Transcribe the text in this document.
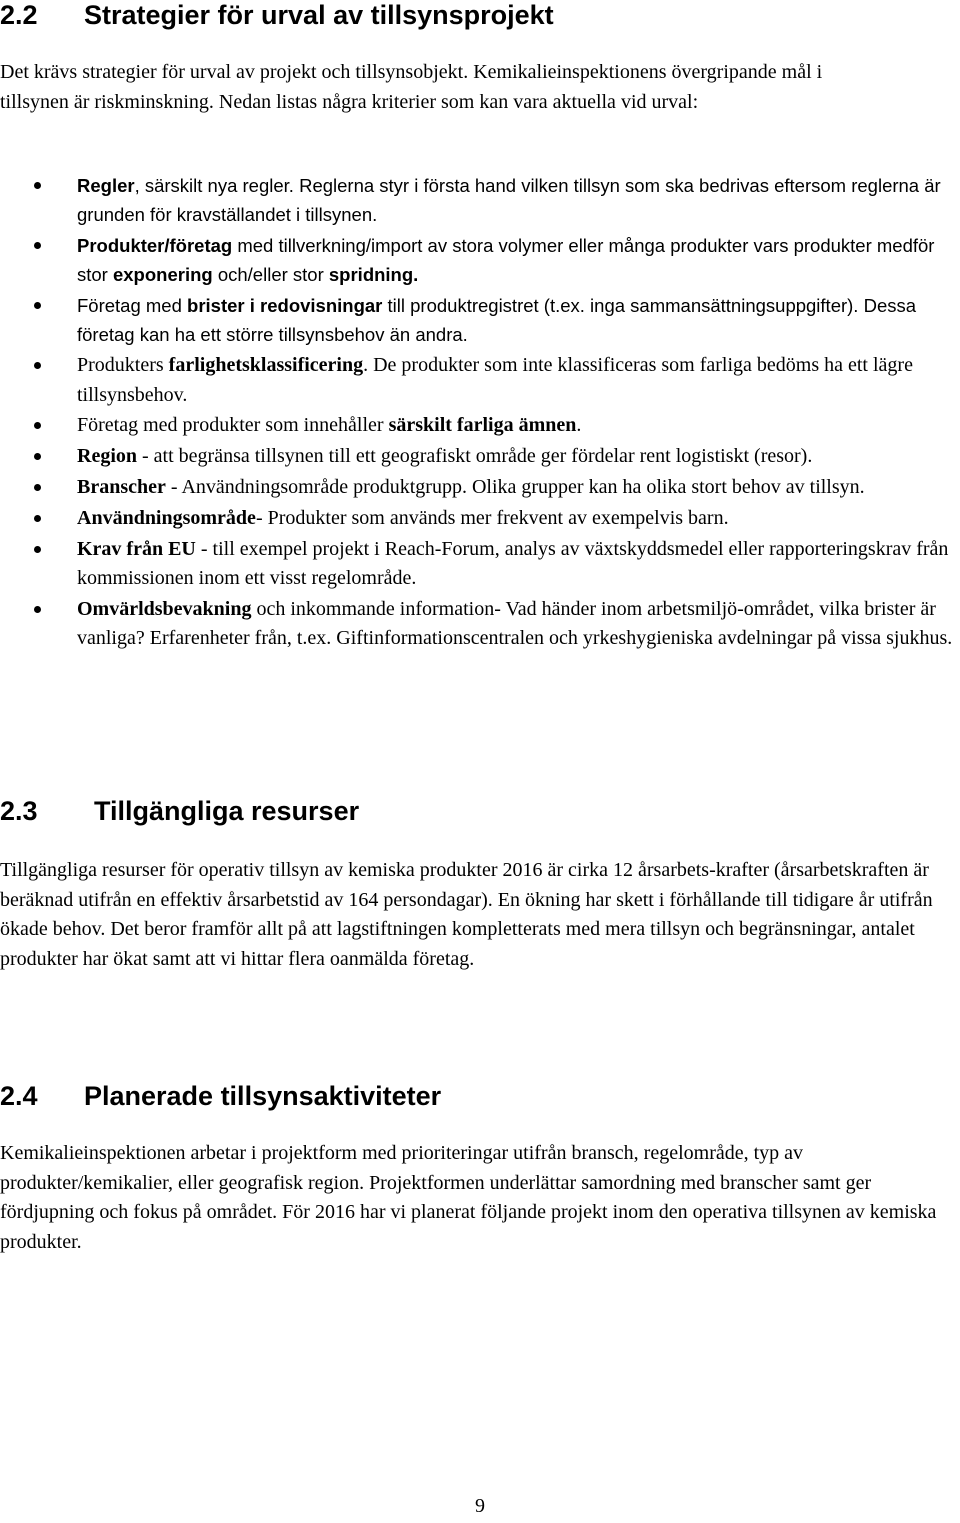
2.2 Strategier för urval av tillsynsprojekt

Det krävs strategier för urval av projekt och tillsynsobjekt. Kemikalieinspektionens övergripande mål i tillsynen är riskminskning. Nedan listas några kriterier som kan vara aktuella vid urval:

Regler, särskilt nya regler. Reglerna styr i första hand vilken tillsyn som ska bedrivas eftersom reglerna är grunden för kravställandet i tillsynen.
Produkter/företag med tillverkning/import av stora volymer eller många produkter vars produkter medför stor exponering och/eller stor spridning.
Företag med brister i redovisningar till produktregistret (t.ex. inga sammansättningsuppgifter). Dessa företag kan ha ett större tillsynsbehov än andra.
Produkters farlighetsklassificering. De produkter som inte klassificeras som farliga bedöms ha ett lägre tillsynsbehov.
Företag med produkter som innehåller särskilt farliga ämnen.
Region - att begränsa tillsynen till ett geografiskt område ger fördelar rent logistiskt (resor).
Branscher - Användningsområde produktgrupp. Olika grupper kan ha olika stort behov av tillsyn.
Användningsområde- Produkter som används mer frekvent av exempelvis barn.
Krav från EU - till exempel projekt i Reach-Forum, analys av växtskyddsmedel eller rapporteringskrav från kommissionen inom ett visst regelområde.
Omvärldsbevakning och inkommande information- Vad händer inom arbetsmiljö-området, vilka brister är vanliga? Erfarenheter från, t.ex. Giftinformationscentralen och yrkeshygieniska avdelningar på vissa sjukhus.
2.3 Tillgängliga resurser

Tillgängliga resurser för operativ tillsyn av kemiska produkter 2016 är cirka 12 årsarbets-krafter (årsarbetskraften är beräknad utifrån en effektiv årsarbetstid av 164 persondagar). En ökning har skett i förhållande till tidigare år utifrån ökade behov. Det beror framför allt på att lagstiftningen kompletterats med mera tillsyn och begränsningar, antalet produkter har ökat samt att vi hittar flera oanmälda företag.

2.4 Planerade tillsynsaktiviteter

Kemikalieinspektionen arbetar i projektform med prioriteringar utifrån bransch, regelområde, typ av produkter/kemikalier, eller geografisk region. Projektformen underlättar samordning med branscher samt ger fördjupning och fokus på området. För 2016 har vi planerat följande projekt inom den operativa tillsynen av kemiska produkter.

9
